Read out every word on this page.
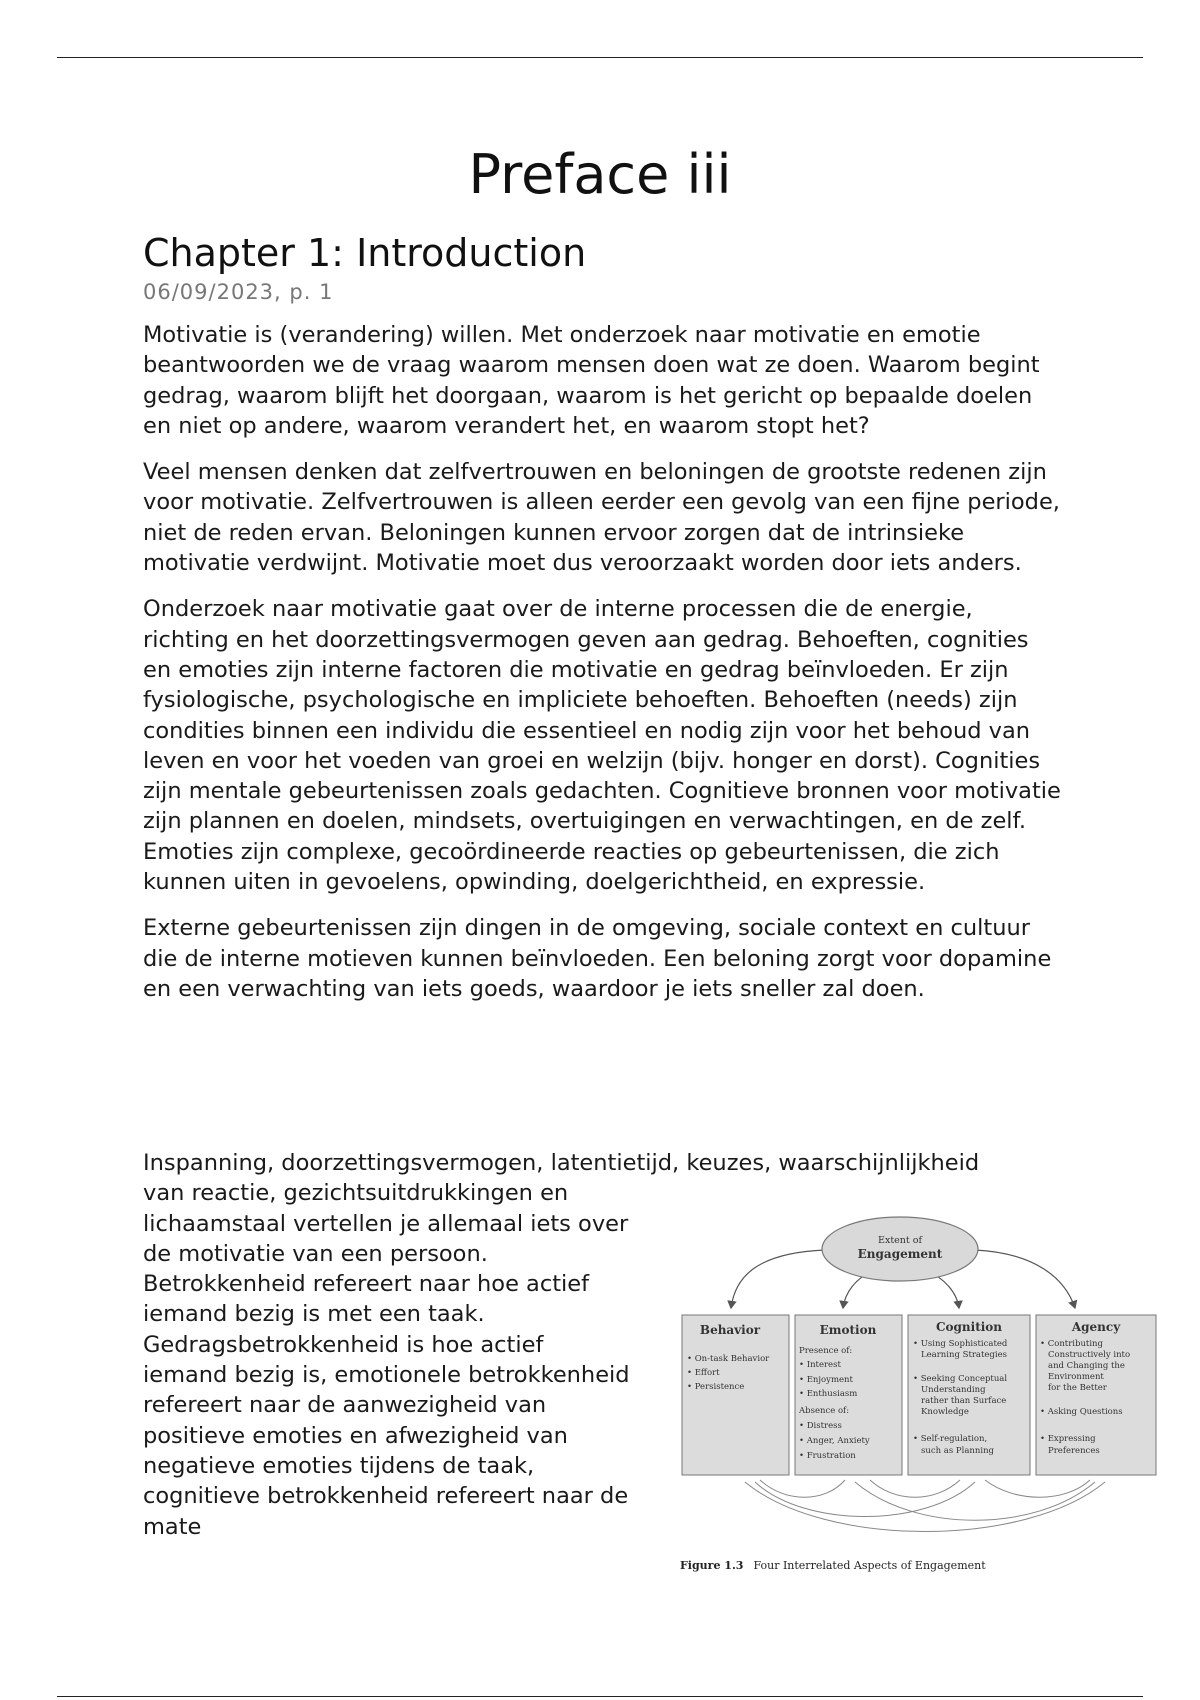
Preface iii
Chapter 1: Introduction
06/09/2023, p. 1

Motivatie is (verandering) willen. Met onderzoek naar motivatie en emotie beantwoorden we de vraag waarom mensen doen wat ze doen. Waarom begint gedrag, waarom blijft het doorgaan, waarom is het gericht op bepaalde doelen en niet op andere, waarom verandert het, en waarom stopt het?

Veel mensen denken dat zelfvertrouwen en beloningen de grootste redenen zijn voor motivatie. Zelfvertrouwen is alleen eerder een gevolg van een fijne periode, niet de reden ervan. Beloningen kunnen ervoor zorgen dat de intrinsieke motivatie verdwijnt. Motivatie moet dus veroorzaakt worden door iets anders.

Onderzoek naar motivatie gaat over de interne processen die de energie, richting en het doorzettingsvermogen geven aan gedrag. Behoeften, cognities en emoties zijn interne factoren die motivatie en gedrag beïnvloeden. Er zijn fysiologische, psychologische en impliciete behoeften. Behoeften (needs) zijn condities binnen een individu die essentieel en nodig zijn voor het behoud van leven en voor het voeden van groei en welzijn (bijv. honger en dorst). Cognities zijn mentale gebeurtenissen zoals gedachten. Cognitieve bronnen voor motivatie zijn plannen en doelen, mindsets, overtuigingen en verwachtingen, en de zelf. Emoties zijn complexe, gecoördineerde reacties op gebeurtenissen, die zich kunnen uiten in gevoelens, opwinding, doelgerichtheid, en expressie.

Externe gebeurtenissen zijn dingen in de omgeving, sociale context en cultuur die de interne motieven kunnen beïnvloeden. Een beloning zorgt voor dopamine en een verwachting van iets goeds, waardoor je iets sneller zal doen.

Inspanning, doorzettingsvermogen, latentietijd, keuzes, waarschijnlijkheid

van reactie, gezichtsuitdrukkingen en lichaamstaal vertellen je allemaal iets over de motivatie van een persoon. Betrokkenheid refereert naar hoe actief iemand bezig is met een taak. Gedragsbetrokkenheid is hoe actief iemand bezig is, emotionele betrokkenheid refereert naar de aanwezigheid van positieve emoties en afwezigheid van negatieve emoties tijdens de taak, cognitieve betrokkenheid refereert naar de mate

Extent of
Engagement
Behavior	Emotion	Cognition	Agency
• On-task Behavior
• Effort
• Persistence
Presence of:
• Interest
• Enjoyment
• Enthusiasm
Absence of:
• Distress
• Anger, Anxiety
• Frustration
• Using Sophisticated
Learning Strategies
• Seeking Conceptual
Understanding
rather than Surface
Knowledge
• Self-regulation,
such as Planning
• Contributing
Constructively into
and Changing the
Environment
for the Better
• Asking Questions
• Expressing
Preferences
Figure 1.3 Four Interrelated Aspects of Engagement
